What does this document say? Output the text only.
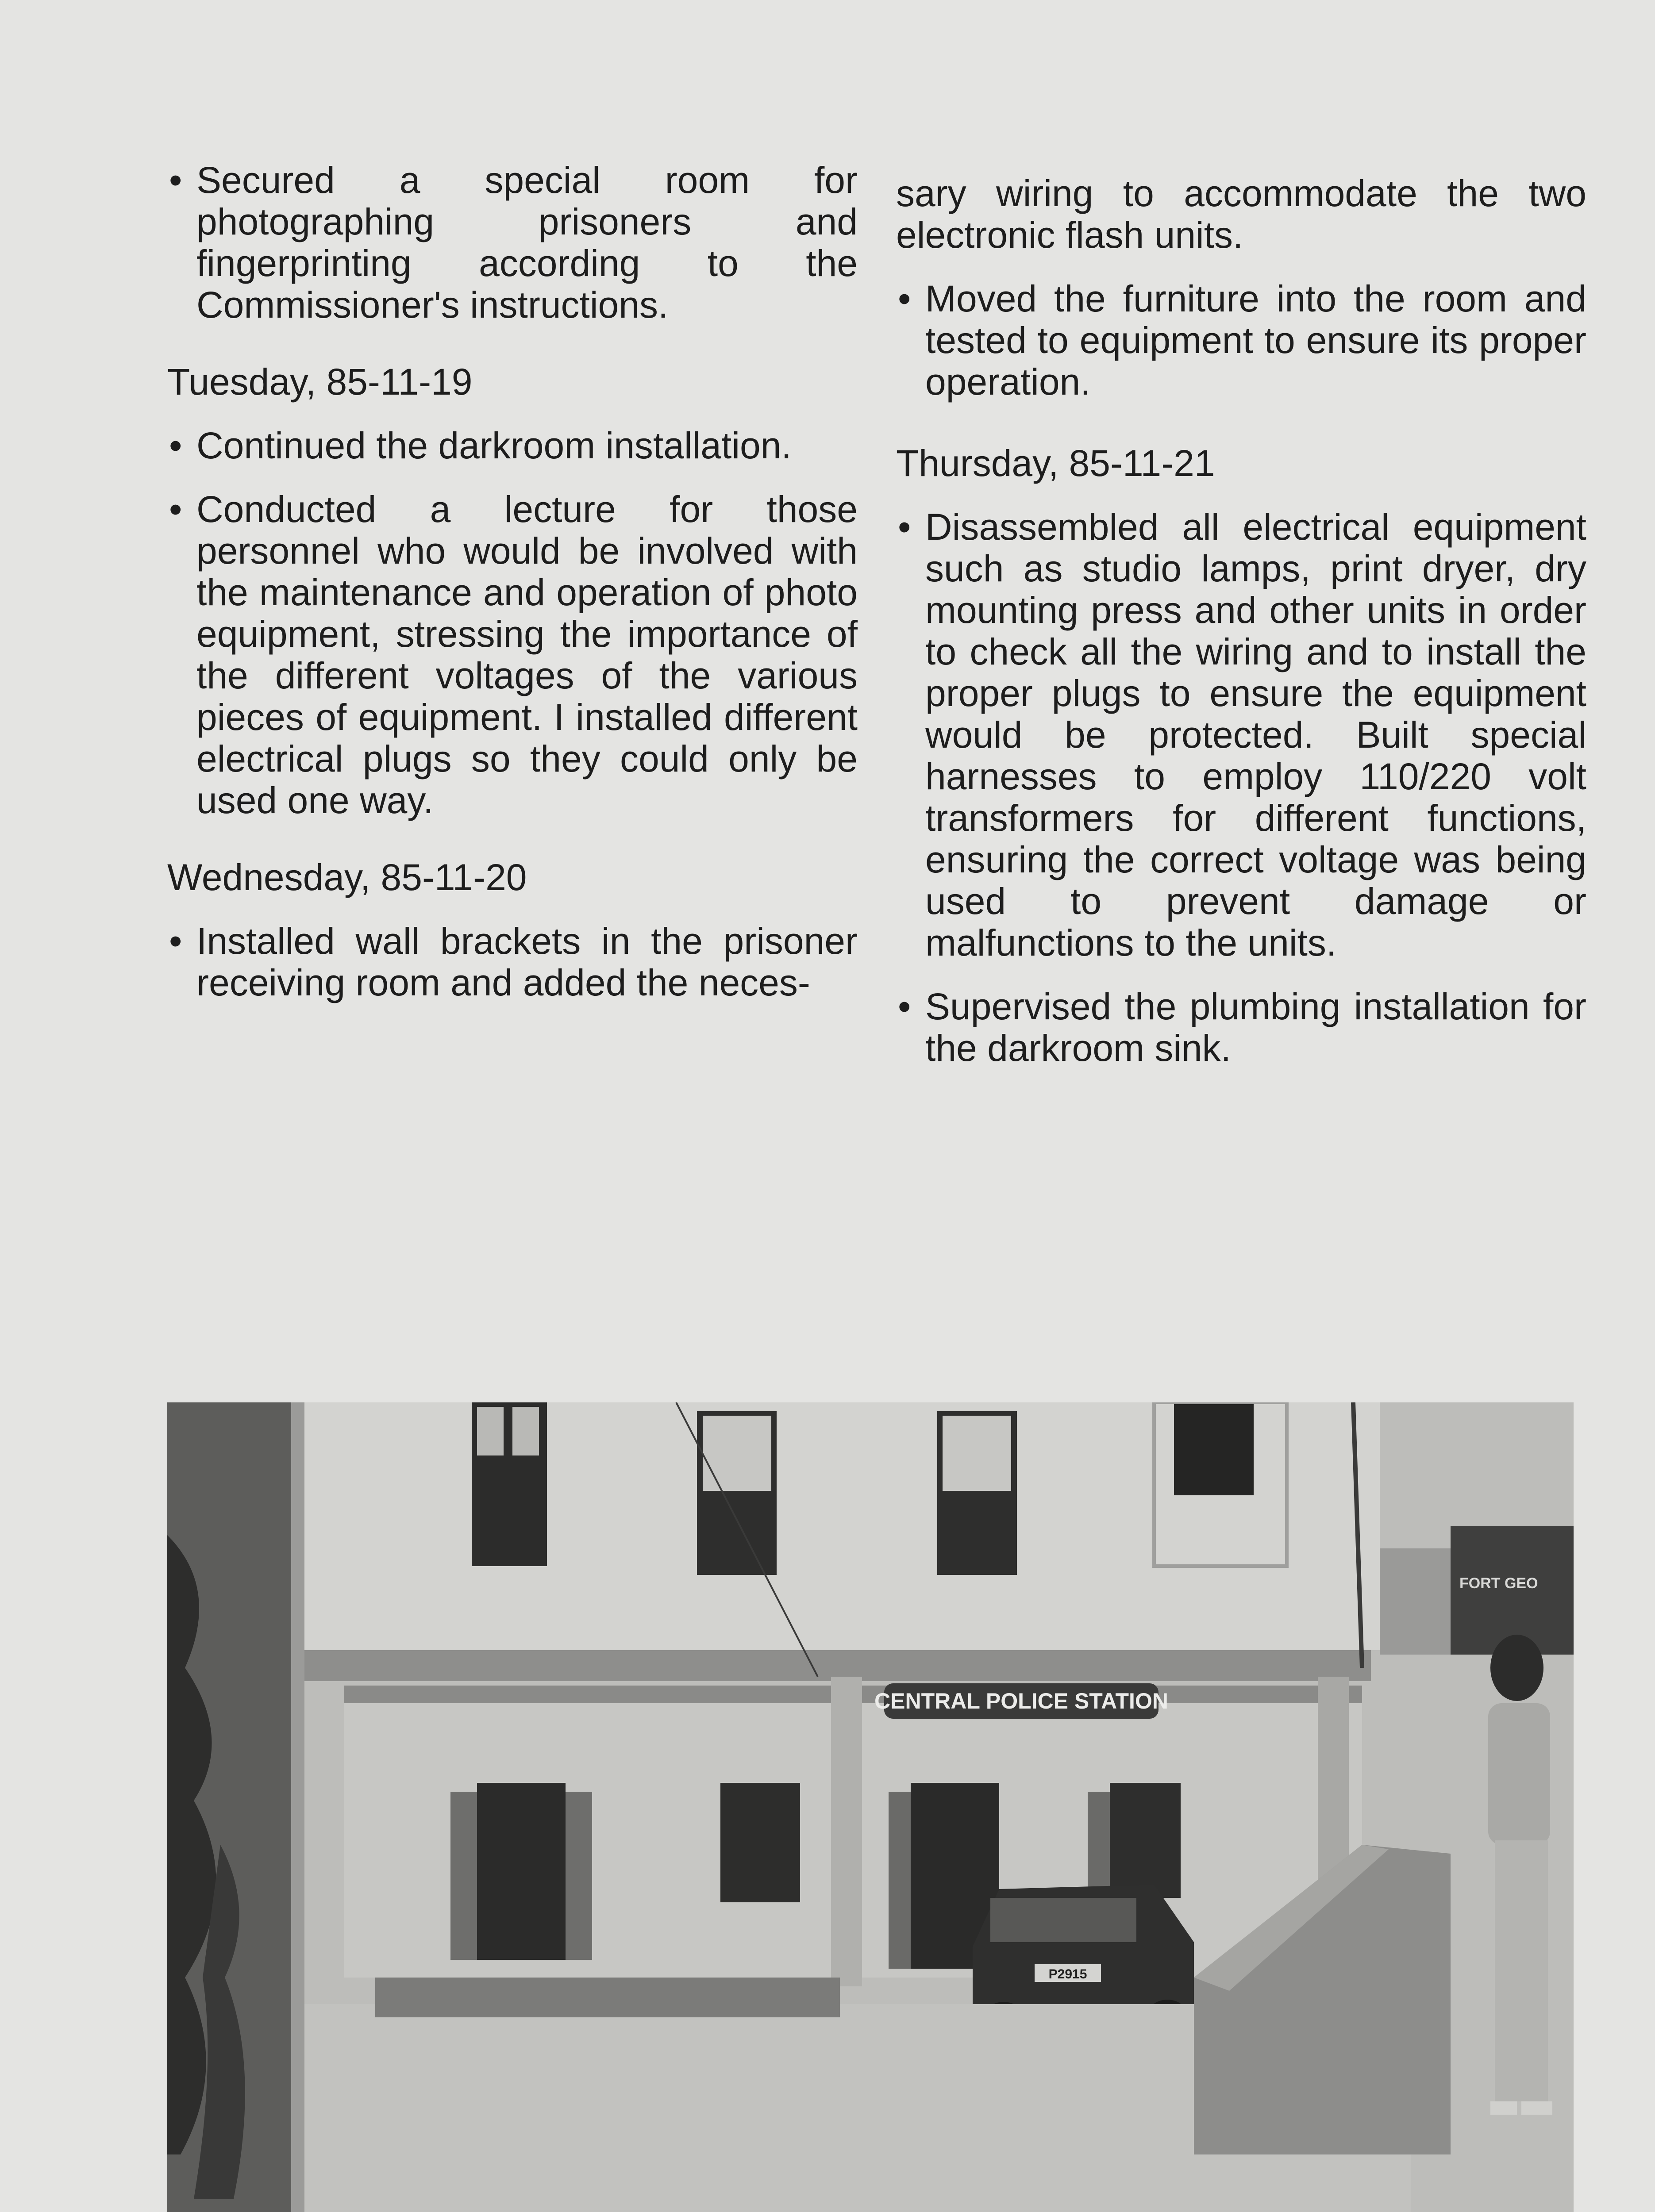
• Secured a special room for photographing prisoners and fingerprinting according to the Commissioner's instructions.

Tuesday, 85-11-19

• Continued the darkroom installation.

• Conducted a lecture for those personnel who would be involved with the maintenance and operation of photo equipment, stressing the importance of the different voltages of the various pieces of equipment. I installed different electrical plugs so they could only be used one way.

Wednesday, 85-11-20

• Installed wall brackets in the prisoner receiving room and added the neces-

sary wiring to accommodate the two electronic flash units.

• Moved the furniture into the room and tested to equipment to ensure its proper operation.

Thursday, 85-11-21

• Disassembled all electrical equipment such as studio lamps, print dryer, dry mounting press and other units in order to check all the wiring and to install the proper plugs to ensure the equipment would be protected. Built special harnesses to employ 110/220 volt transformers for different functions, ensuring the correct voltage was being used to prevent damage or malfunctions to the units.

• Supervised the plumbing installation for the darkroom sink.

FORT GEO
CENTRAL POLICE STATION
P2915
